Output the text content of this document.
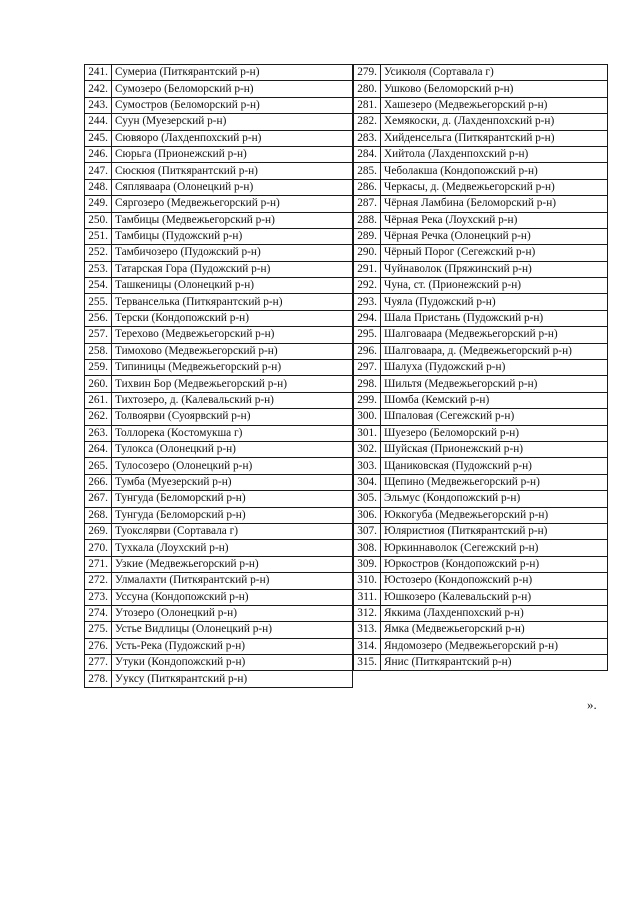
241.	Сумериа (Питкярантский р-н)
242.	Сумозеро (Беломорский р-н)
243.	Сумостров (Беломорский р-н)
244.	Суун (Муезерский р-н)
245.	Сювяоро (Лахденпохский р-н)
246.	Сюрьга (Прионежский р-н)
247.	Сюскюя (Питкярантский р-н)
248.	Сяпляваара (Олонецкий р-н)
249.	Сяргозеро (Медвежьегорский р-н)
250.	Тамбицы (Медвежьегорский р-н)
251.	Тамбицы (Пудожский р-н)
252.	Тамбичозеро (Пудожский р-н)
253.	Татарская Гора (Пудожский р-н)
254.	Ташкеницы (Олонецкий р-н)
255.	Терванселька (Питкярантский р-н)
256.	Терски (Кондопожский р-н)
257.	Терехово (Медвежьегорский р-н)
258.	Тимохово (Медвежьегорский р-н)
259.	Типиницы (Медвежьегорский р-н)
260.	Тихвин Бор (Медвежьегорский р-н)
261.	Тихтозеро, д. (Калевальский р-н)
262.	Толвоярви (Суоярвский р-н)
263.	Толлорека (Костомукша г)
264.	Тулокса (Олонецкий р-н)
265.	Тулосозеро (Олонецкий р-н)
266.	Тумба (Муезерский р-н)
267.	Тунгуда (Беломорский р-н)
268.	Тунгуда (Беломорский р-н)
269.	Туокслярви (Сортавала г)
270.	Тухкала (Лоухский р-н)
271.	Узкие (Медвежьегорский р-н)
272.	Улмалахти (Питкярантский р-н)
273.	Уссуна (Кондопожский р-н)
274.	Утозеро (Олонецкий р-н)
275.	Устье Видлицы (Олонецкий р-н)
276.	Усть-Река (Пудожский р-н)
277.	Утуки (Кондопожский р-н)
278.	Ууксу (Питкярантский р-н)
279.	Усикюля (Сортавала г)
280.	Ушково (Беломорский р-н)
281.	Хашезеро (Медвежьегорский р-н)
282.	Хемякоски, д. (Лахденпохский р-н)
283.	Хийденсельга (Питкярантский р-н)
284.	Хийтола (Лахденпохский р-н)
285.	Чеболакша (Кондопожский р-н)
286.	Черкасы, д. (Медвежьегорский р-н)
287.	Чёрная Ламбина (Беломорский р-н)
288.	Чёрная Река (Лоухский р-н)
289.	Чёрная Речка (Олонецкий р-н)
290.	Чёрный Порог (Сегежский р-н)
291.	Чуйнаволок (Пряжинский р-н)
292.	Чуна, ст. (Прионежский р-н)
293.	Чуяла (Пудожский р-н)
294.	Шала Пристань (Пудожский р-н)
295.	Шалговаара (Медвежьегорский р-н)
296.	Шалговаара, д. (Медвежьегорский р-н)
297.	Шалуха (Пудожский р-н)
298.	Шильтя (Медвежьегорский р-н)
299.	Шомба (Кемский р-н)
300.	Шпаловая (Сегежский р-н)
301.	Шуезеро (Беломорский р-н)
302.	Шуйская (Прионежский р-н)
303.	Щаниковская (Пудожский р-н)
304.	Щепино (Медвежьегорский р-н)
305.	Эльмус (Кондопожский р-н)
306.	Юккогуба (Медвежьегорский р-н)
307.	Юляристиоя (Питкярантский р-н)
308.	Юркиннаволок (Сегежский р-н)
309.	Юркостров (Кондопожский р-н)
310.	Юстозеро (Кондопожский р-н)
311.	Юшкозеро (Калевальский р-н)
312.	Яккима (Лахденпохский р-н)
313.	Ямка (Медвежьегорский р-н)
314.	Яндомозеро (Медвежьегорский р-н)
315.	Янис (Питкярантский р-н)
».
